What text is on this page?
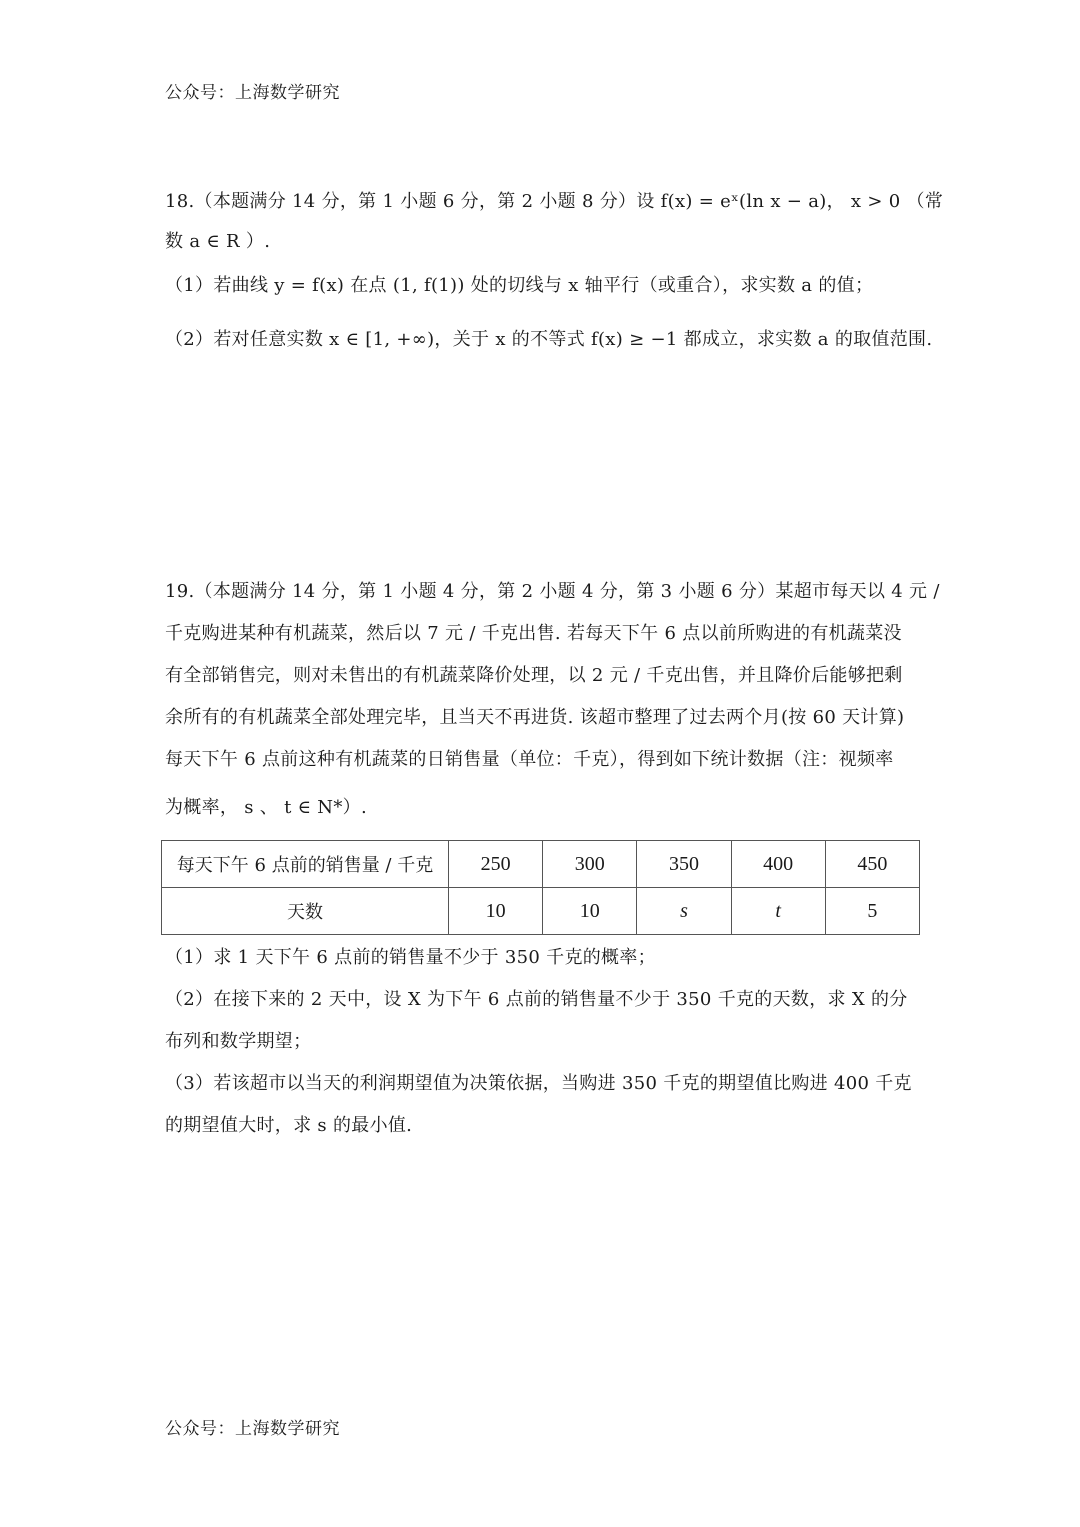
公众号：上海数学研究
18.（本题满分 14 分，第 1 小题 6 分，第 2 小题 8 分）设 f(x) = eˣ(ln x − a)， x > 0 （常
数 a ∈ R ）.
（1）若曲线 y = f(x) 在点 (1, f(1)) 处的切线与 x 轴平行（或重合），求实数 a 的值；
（2）若对任意实数 x ∈ [1, +∞)，关于 x 的不等式 f(x) ≥ −1 都成立，求实数 a 的取值范围.
19.（本题满分 14 分，第 1 小题 4 分，第 2 小题 4 分，第 3 小题 6 分）某超市每天以 4 元 /
千克购进某种有机蔬菜，然后以 7 元 / 千克出售. 若每天下午 6 点以前所购进的有机蔬菜没
有全部销售完，则对未售出的有机蔬菜降价处理，以 2 元 / 千克出售，并且降价后能够把剩
余所有的有机蔬菜全部处理完毕，且当天不再进货. 该超市整理了过去两个月(按 60 天计算)
每天下午 6 点前这种有机蔬菜的日销售量（单位：千克），得到如下统计数据（注：视频率
为概率， s 、 t ∈ N*）.
每天下午 6 点前的销售量 / 千克	250	300	350	400	450
天数	10	10	s	t	5
（1）求 1 天下午 6 点前的销售量不少于 350 千克的概率；
（2）在接下来的 2 天中，设 X 为下午 6 点前的销售量不少于 350 千克的天数，求 X 的分
布列和数学期望；
（3）若该超市以当天的利润期望值为决策依据，当购进 350 千克的期望值比购进 400 千克
的期望值大时，求 s 的最小值.
公众号：上海数学研究
